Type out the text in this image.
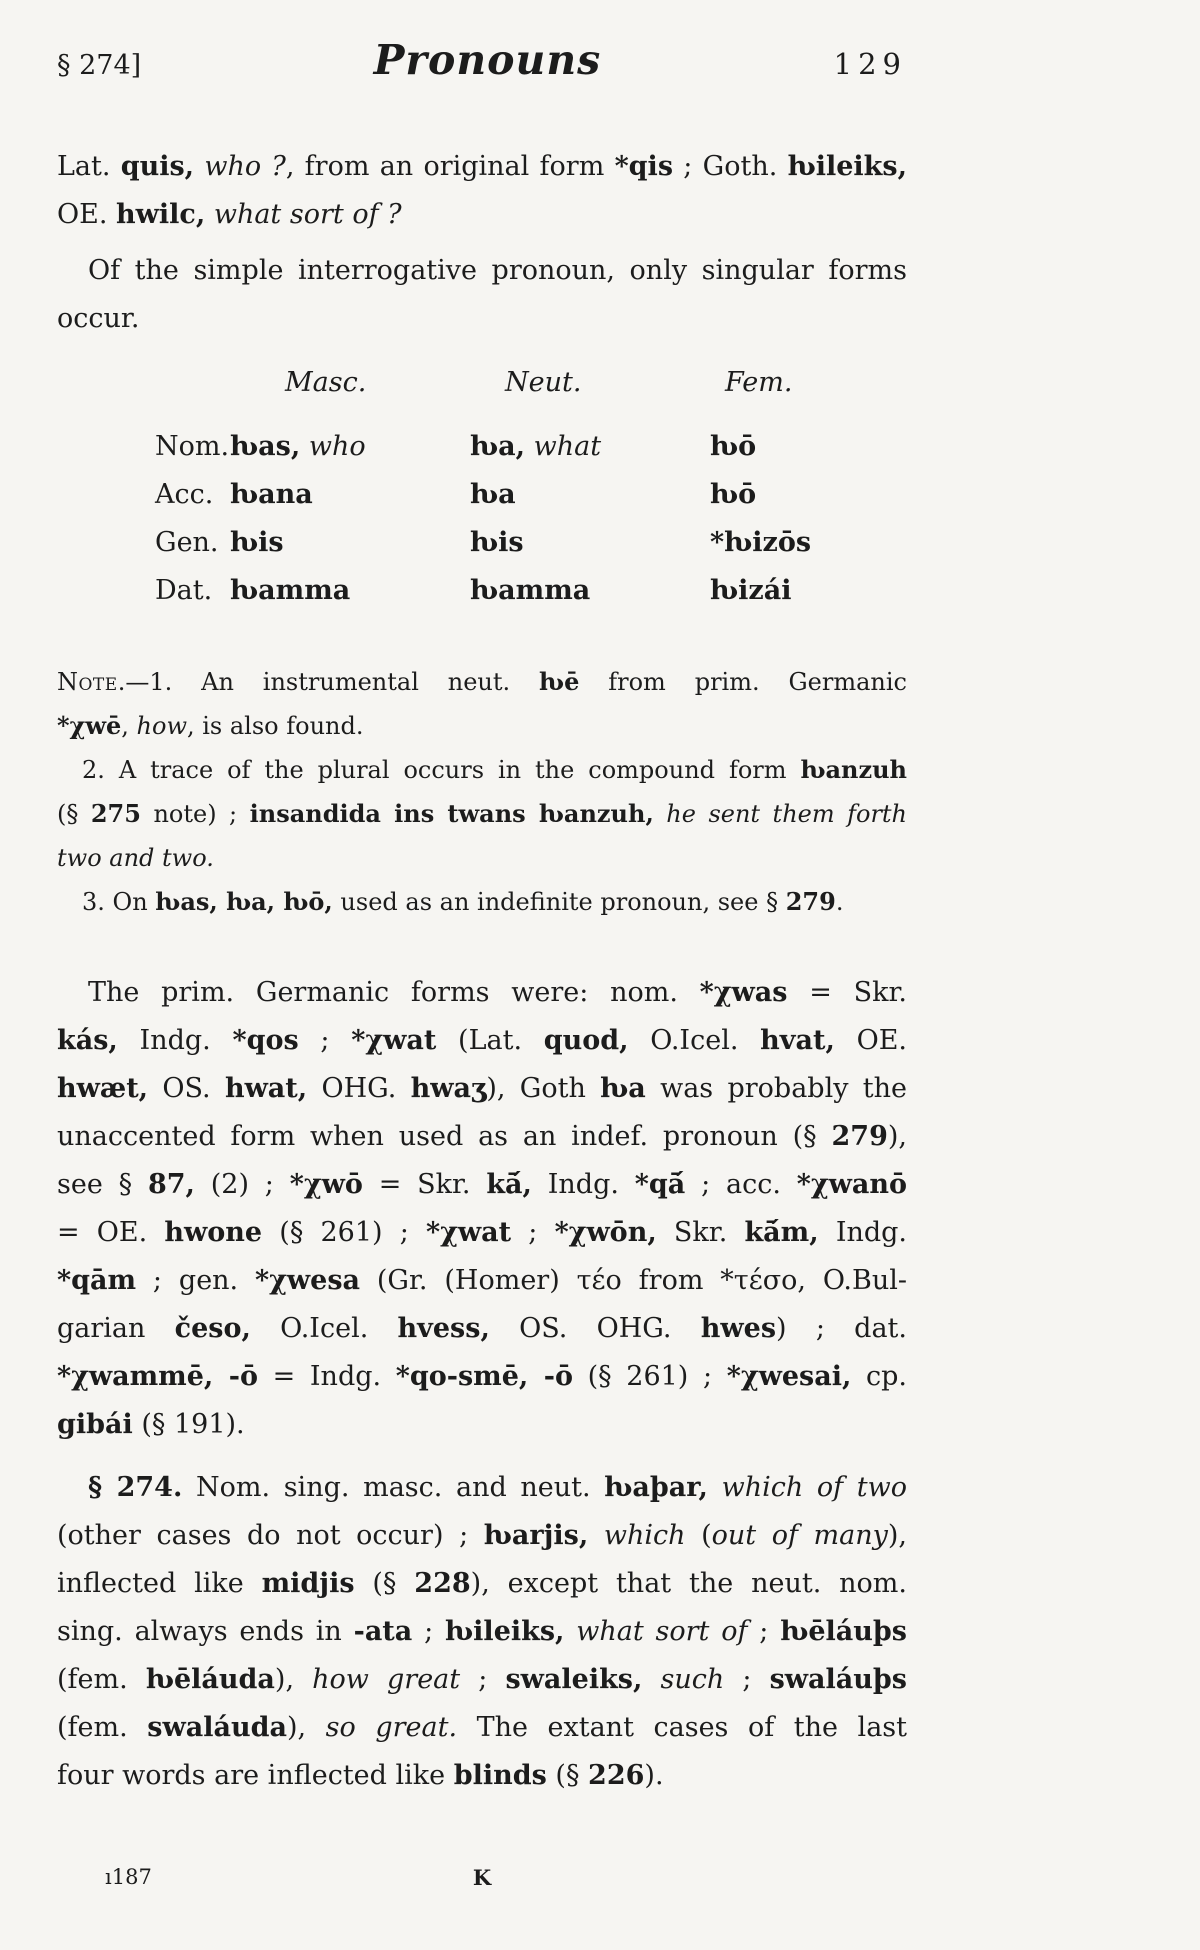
§ 274]	Pronouns	129
Lat. quis, who ?, from an original form *qis ; Goth. ƕileiks,
OE. hwilc, what sort of ?
Of the simple interrogative pronoun, only singular forms
occur.
Masc.	Neut.	Fem.
Nom. ƕas, who	ƕa, what	ƕō
Acc. ƕana	ƕa	ƕō
Gen. ƕis	ƕis	*ƕizōs
Dat. ƕamma	ƕamma	ƕizái
Note.—1. An instrumental neut. ƕē from prim. Germanic
*χwē, how, is also found.
2. A trace of the plural occurs in the compound form ƕanzuh
(§ 275 note) ; insandida ins twans ƕanzuh, he sent them forth
two and two.
3. On ƕas, ƕa, ƕō, used as an indefinite pronoun, see § 279.
The prim. Germanic forms were: nom. *χwas = Skr.
kás, Indg. *qos ; *χwat (Lat. quod, O.Icel. hvat, OE.
hwæt, OS. hwat, OHG. hwaʒ), Goth ƕa was probably the
unaccented form when used as an indef. pronoun (§ 279),
see § 87, (2) ; *χwō = Skr. kā́, Indg. *qā́ ; acc. *χwanō
= OE. hwone (§ 261) ; *χwat ; *χwōn, Skr. kā́m, Indg.
*qām ; gen. *χwesa (Gr. (Homer) τέο from *τέσο, O.Bul-
garian česo, O.Icel. hvess, OS. OHG. hwes) ; dat.
*χwammē, -ō = Indg. *qo-smē, -ō (§ 261) ; *χwesai, cp.
gibái (§ 191).
§ 274. Nom. sing. masc. and neut. ƕaþar, which of two
(other cases do not occur) ; ƕarjis, which (out of many),
inflected like midjis (§ 228), except that the neut. nom.
sing. always ends in -ata ; ƕileiks, what sort of ; ƕēláuþs
(fem. ƕēláuda), how great ; swaleiks, such ; swaláuþs
(fem. swaláuda), so great. The extant cases of the last
four words are inflected like blinds (§ 226).
ı187	K
